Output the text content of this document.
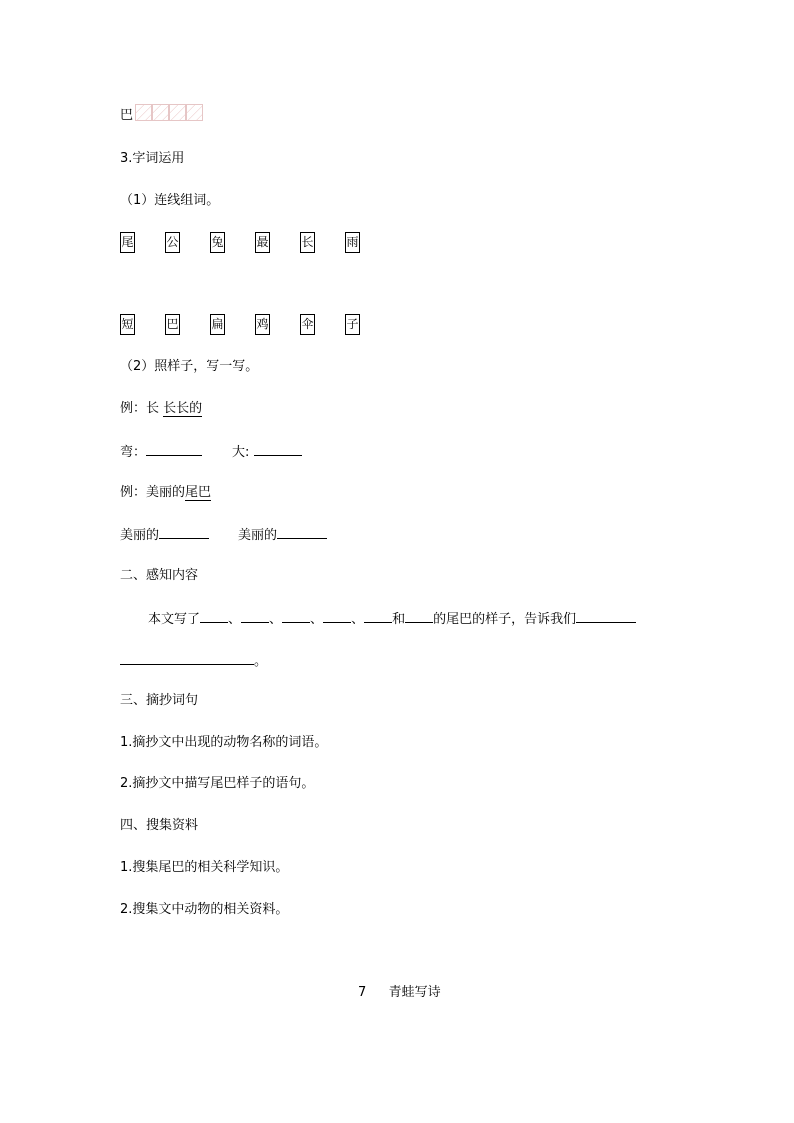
巴
3.字词运用
（1）连线组词。
尾	公	兔	最	长	雨
短	巴	扁	鸡	伞	子
（2）照样子，写一写。
例：长 长长的
弯：	大:
例：美丽的尾巴
美丽的	美丽的
二、感知内容
本文写了 、 、 、 、 和 的尾巴的样子，告诉我们
。
三、摘抄词句
1.摘抄文中出现的动物名称的词语。
2.摘抄文中描写尾巴样子的语句。
四、搜集资料
1.搜集尾巴的相关科学知识。
2.搜集文中动物的相关资料。
7 青蛙写诗
